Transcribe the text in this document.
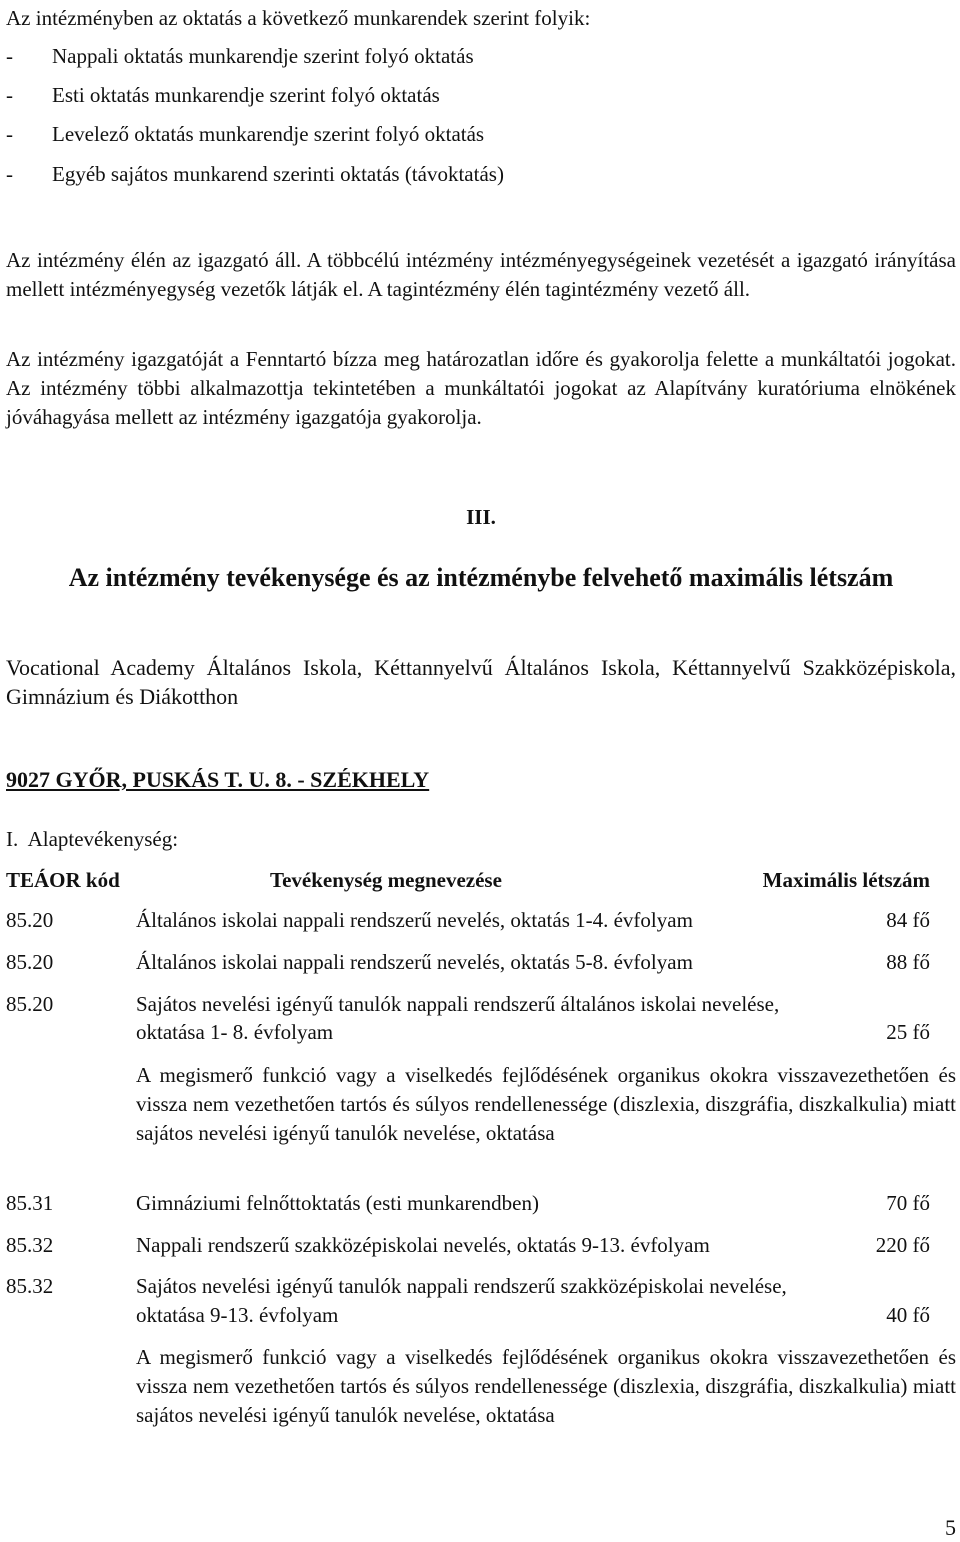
Az intézményben az oktatás a következő munkarendek szerint folyik:
- Nappali oktatás munkarendje szerint folyó oktatás
- Esti oktatás munkarendje szerint folyó oktatás
- Levelező oktatás munkarendje szerint folyó oktatás
- Egyéb sajátos munkarend szerinti oktatás (távoktatás)
Az intézmény élén az igazgató áll. A többcélú intézmény intézményegységeinek vezetését a igazgató irányítása mellett intézményegység vezetők látják el. A tagintézmény élén tagintézmény vezető áll.
Az intézmény igazgatóját a Fenntartó bízza meg határozatlan időre és gyakorolja felette a munkáltatói jogokat. Az intézmény többi alkalmazottja tekintetében a munkáltatói jogokat az Alapítvány kuratóriuma elnökének jóváhagyása mellett az intézmény igazgatója gyakorolja.
III.
Az intézmény tevékenysége és az intézménybe felvehető maximális létszám
Vocational Academy Általános Iskola, Kéttannyelvű Általános Iskola, Kéttannyelvű Szakközépiskola, Gimnázium és Diákotthon
9027 GYŐR, PUSKÁS T. U. 8. - SZÉKHELY
I.  Alaptevékenység:
TEÁOR kód	Tevékenység megnevezése	Maximális létszám
85.20	Általános iskolai nappali rendszerű nevelés, oktatás 1-4. évfolyam	84 fő
85.20	Általános iskolai nappali rendszerű nevelés, oktatás 5-8. évfolyam	88 fő
85.20	Sajátos nevelési igényű tanulók nappali rendszerű általános iskolai nevelése,
oktatása 1- 8. évfolyam	25 fő
A megismerő funkció vagy a viselkedés fejlődésének organikus okokra visszavezethetően és vissza nem vezethetően tartós és súlyos rendellenessége (diszlexia, diszgráfia, diszkalkulia) miatt sajátos nevelési igényű tanulók nevelése, oktatása
85.31	Gimnáziumi felnőttoktatás (esti munkarendben)	70 fő
85.32	Nappali rendszerű szakközépiskolai nevelés, oktatás 9-13. évfolyam	220 fő
85.32	Sajátos nevelési igényű tanulók nappali rendszerű szakközépiskolai nevelése,
oktatása 9-13. évfolyam	40 fő
A megismerő funkció vagy a viselkedés fejlődésének organikus okokra visszavezethetően és vissza nem vezethetően tartós és súlyos rendellenessége (diszlexia, diszgráfia, diszkalkulia) miatt sajátos nevelési igényű tanulók nevelése, oktatása
5
